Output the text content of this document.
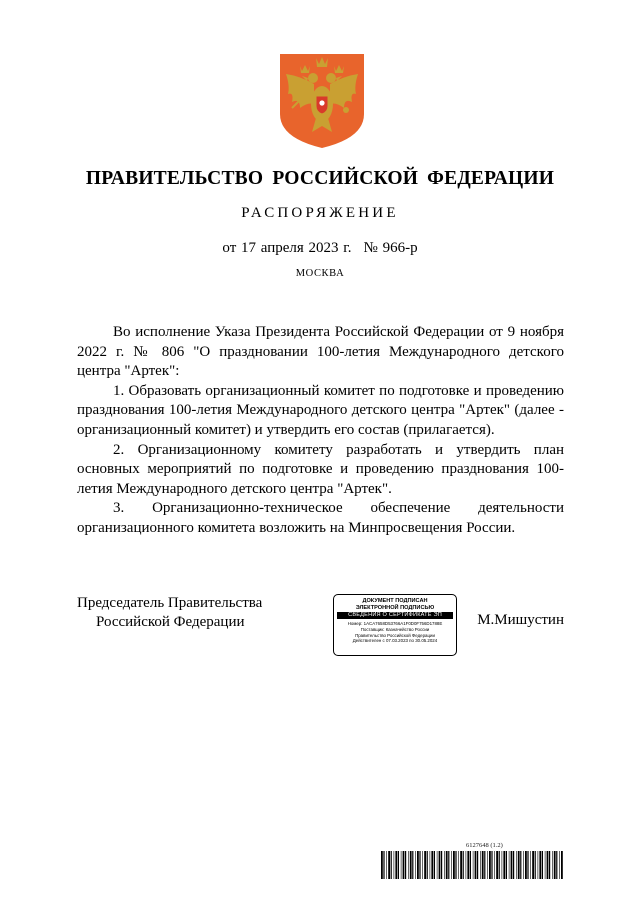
ПРАВИТЕЛЬСТВО РОССИЙСКОЙ ФЕДЕРАЦИИ
РАСПОРЯЖЕНИЕ
от 17 апреля 2023 г. № 966-р
МОСКВА

Во исполнение Указа Президента Российской Федерации от 9 ноября 2022 г. № 806 "О праздновании 100-летия Международного детского центра "Артек":

1. Образовать организационный комитет по подготовке и проведению празднования 100-летия Международного детского центра "Артек" (далее - организационный комитет) и утвердить его состав (прилагается).

2. Организационному комитету разработать и утвердить план основных мероприятий по подготовке и проведению празднования 100-летия Международного детского центра "Артек".

3. Организационно-техническое обеспечение деятельности организационного комитета возложить на Минпросвещения России.

Председатель Правительства
Российской Федерации
ДОКУМЕНТ ПОДПИСАН
ЭЛЕКТРОННОЙ ПОДПИСЬЮ
СВЕДЕНИЯ О СЕРТИФИКАТЕ ЭП
Номер: 1ACA7658D53766A1F0D0F756D1788E
Поставщик: Казначейство России
Правительство Российской Федерации
Действителен с 07.03.2023 по 30.05.2024
М.Мишустин
6127648 (1.2)
